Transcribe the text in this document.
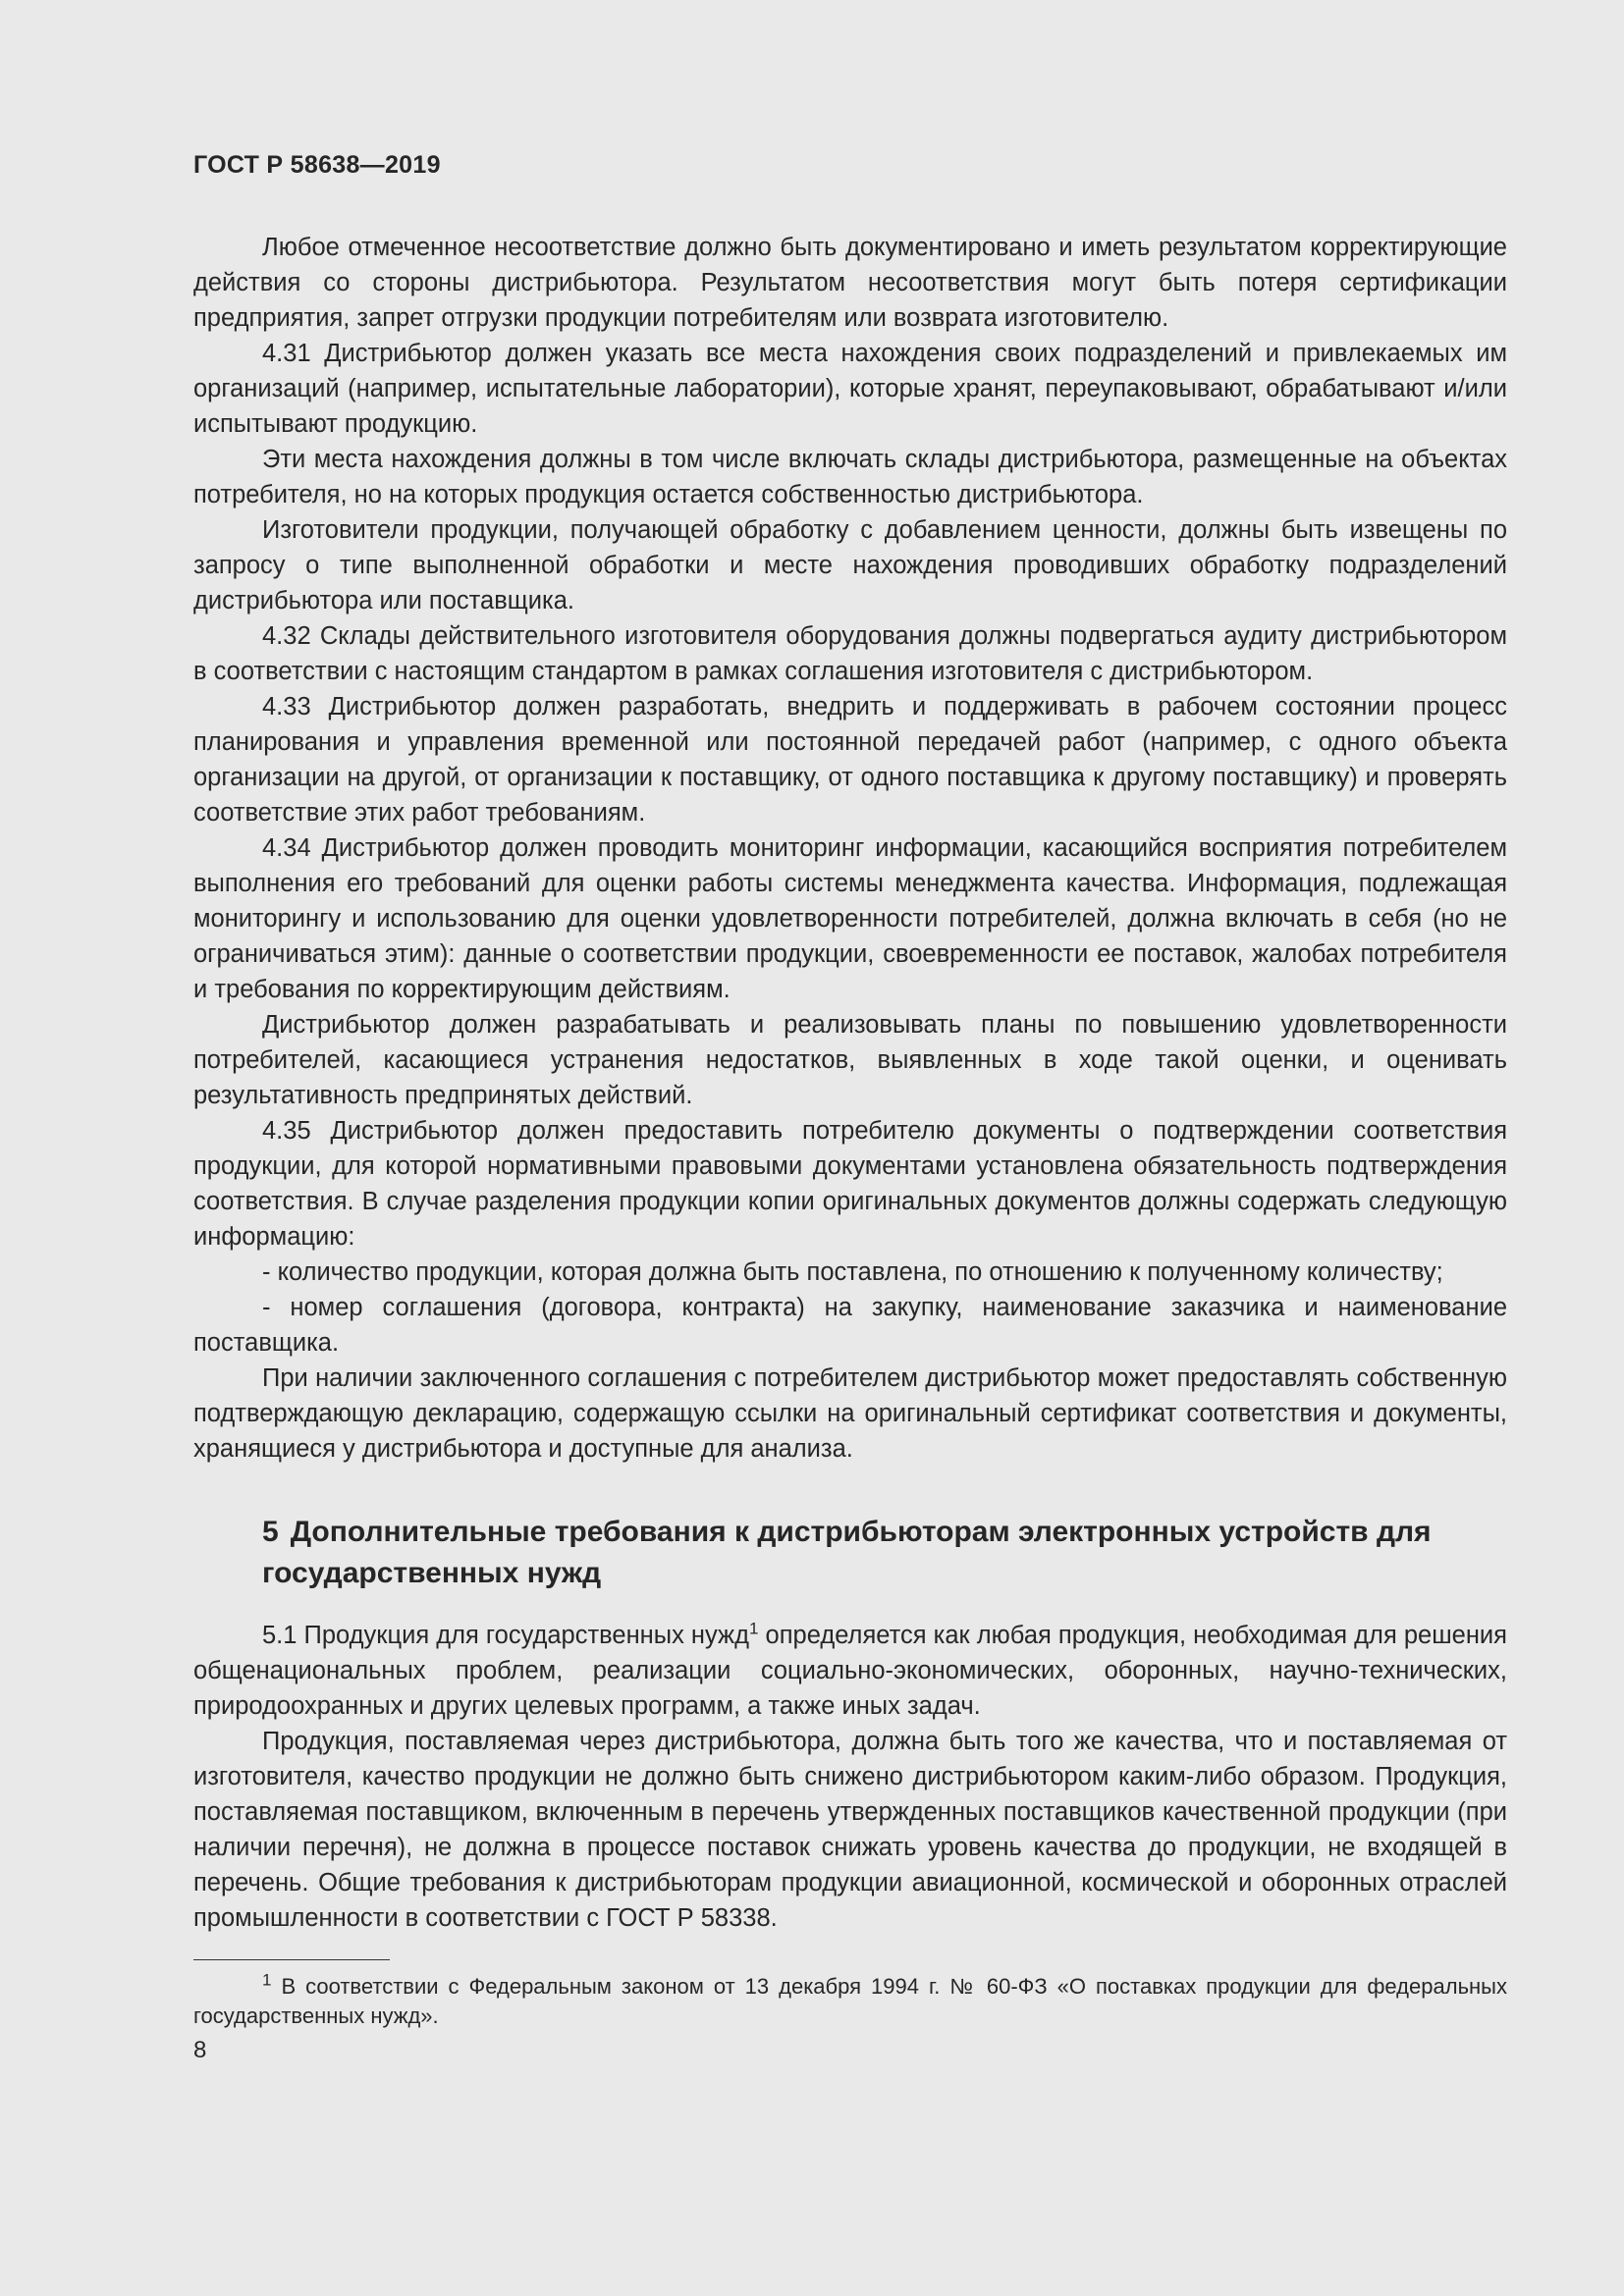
ГОСТ Р 58638—2019

Любое отмеченное несоответствие должно быть документировано и иметь результатом корректирующие действия со стороны дистрибьютора. Результатом несоответствия могут быть потеря сертификации предприятия, запрет отгрузки продукции потребителям или возврата изготовителю.

4.31 Дистрибьютор должен указать все места нахождения своих подразделений и привлекаемых им организаций (например, испытательные лаборатории), которые хранят, переупаковывают, обрабатывают и/или испытывают продукцию.

Эти места нахождения должны в том числе включать склады дистрибьютора, размещенные на объектах потребителя, но на которых продукция остается собственностью дистрибьютора.

Изготовители продукции, получающей обработку с добавлением ценности, должны быть извещены по запросу о типе выполненной обработки и месте нахождения проводивших обработку подразделений дистрибьютора или поставщика.

4.32 Склады действительного изготовителя оборудования должны подвергаться аудиту дистрибьютором в соответствии с настоящим стандартом в рамках соглашения изготовителя с дистрибьютором.

4.33 Дистрибьютор должен разработать, внедрить и поддерживать в рабочем состоянии процесс планирования и управления временной или постоянной передачей работ (например, с одного объекта организации на другой, от организации к поставщику, от одного поставщика к другому поставщику) и проверять соответствие этих работ требованиям.

4.34 Дистрибьютор должен проводить мониторинг информации, касающийся восприятия потребителем выполнения его требований для оценки работы системы менеджмента качества. Информация, подлежащая мониторингу и использованию для оценки удовлетворенности потребителей, должна включать в себя (но не ограничиваться этим): данные о соответствии продукции, своевременности ее поставок, жалобах потребителя и требования по корректирующим действиям.

Дистрибьютор должен разрабатывать и реализовывать планы по повышению удовлетворенности потребителей, касающиеся устранения недостатков, выявленных в ходе такой оценки, и оценивать результативность предпринятых действий.

4.35 Дистрибьютор должен предоставить потребителю документы о подтверждении соответствия продукции, для которой нормативными правовыми документами установлена обязательность подтверждения соответствия. В случае разделения продукции копии оригинальных документов должны содержать следующую информацию:

- количество продукции, которая должна быть поставлена, по отношению к полученному количеству;

- номер соглашения (договора, контракта) на закупку, наименование заказчика и наименование поставщика.

При наличии заключенного соглашения с потребителем дистрибьютор может предоставлять собственную подтверждающую декларацию, содержащую ссылки на оригинальный сертификат соответствия и документы, хранящиеся у дистрибьютора и доступные для анализа.

5 Дополнительные требования к дистрибьюторам электронных устройств для государственных нужд

5.1 Продукция для государственных нужд$^1$ определяется как любая продукция, необходимая для решения общенациональных проблем, реализации социально-экономических, оборонных, научно-технических, природоохранных и других целевых программ, а также иных задач.

Продукция, поставляемая через дистрибьютора, должна быть того же качества, что и поставляемая от изготовителя, качество продукции не должно быть снижено дистрибьютором каким-либо образом. Продукция, поставляемая поставщиком, включенным в перечень утвержденных поставщиков качественной продукции (при наличии перечня), не должна в процессе поставок снижать уровень качества до продукции, не входящей в перечень. Общие требования к дистрибьюторам продукции авиационной, космической и оборонных отраслей промышленности в соответствии с ГОСТ Р 58338.

$^1$ В соответствии с Федеральным законом от 13 декабря 1994 г. № 60-ФЗ «О поставках продукции для федеральных государственных нужд».

8
